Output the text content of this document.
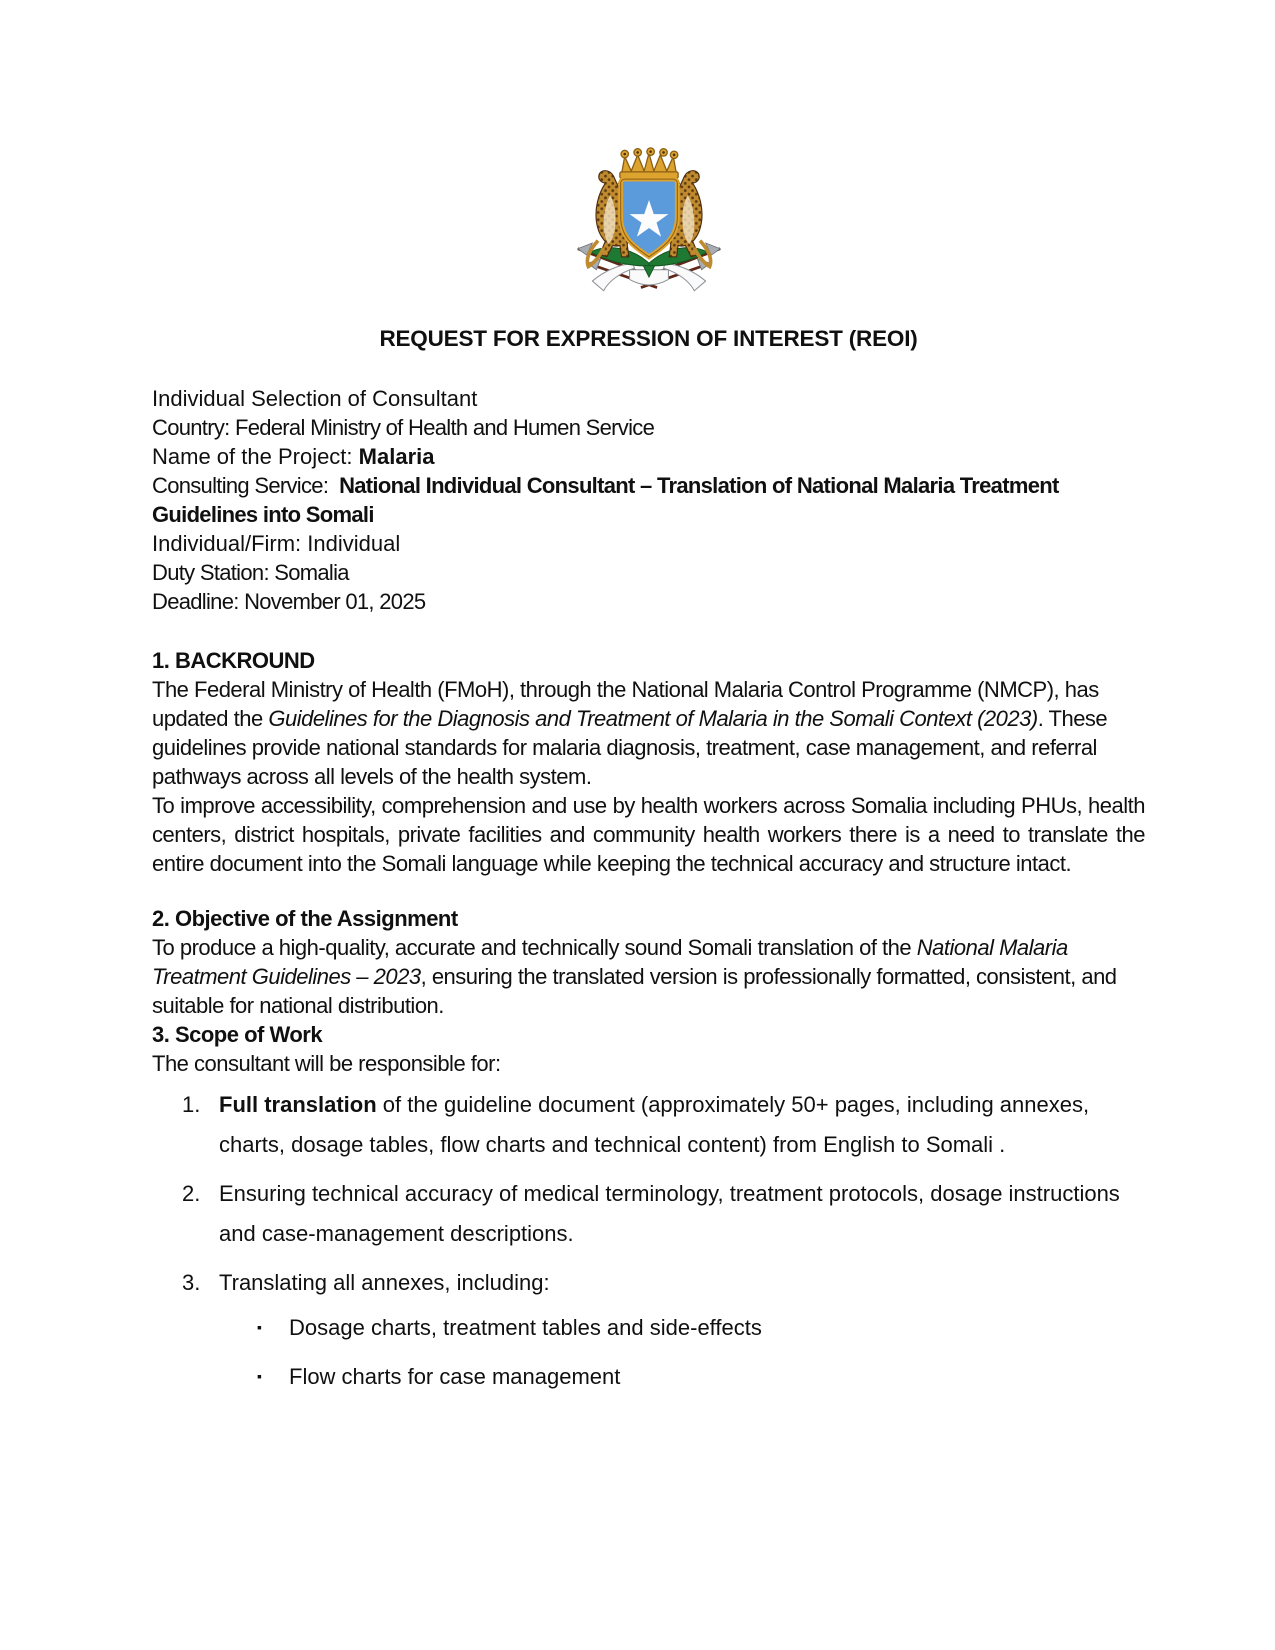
REQUEST FOR EXPRESSION OF INTEREST (REOI)

Individual Selection of Consultant

Country: Federal Ministry of Health and Humen Service

Name of the Project: Malaria

Consulting Service:  National Individual Consultant – Translation of National Malaria Treatment Guidelines into Somali

Individual/Firm: Individual

Duty Station: Somalia

Deadline: November 01, 2025

1. BACKROUND

The Federal Ministry of Health (FMoH), through the National Malaria Control Programme (NMCP), has updated the Guidelines for the Diagnosis and Treatment of Malaria in the Somali Context (2023). These guidelines provide national standards for malaria diagnosis, treatment, case management, and referral pathways across all levels of the health system.

To improve accessibility, comprehension and use by health workers across Somalia including PHUs, health centers, district hospitals, private facilities and community health workers there is a need to translate the entire document into the Somali language while keeping the technical accuracy and structure intact.

2. Objective of the Assignment

To produce a high-quality, accurate and technically sound Somali translation of the National Malaria Treatment Guidelines – 2023, ensuring the translated version is professionally formatted, consistent, and suitable for national distribution.

3. Scope of Work

The consultant will be responsible for:

1. Full translation of the guideline document (approximately 50+ pages, including annexes, charts, dosage tables, flow charts and technical content) from English to Somali .

2. Ensuring technical accuracy of medical terminology, treatment protocols, dosage instructions and case-management descriptions.

3. Translating all annexes, including:

▪	Dosage charts, treatment tables and side-effects

▪	Flow charts for case management
